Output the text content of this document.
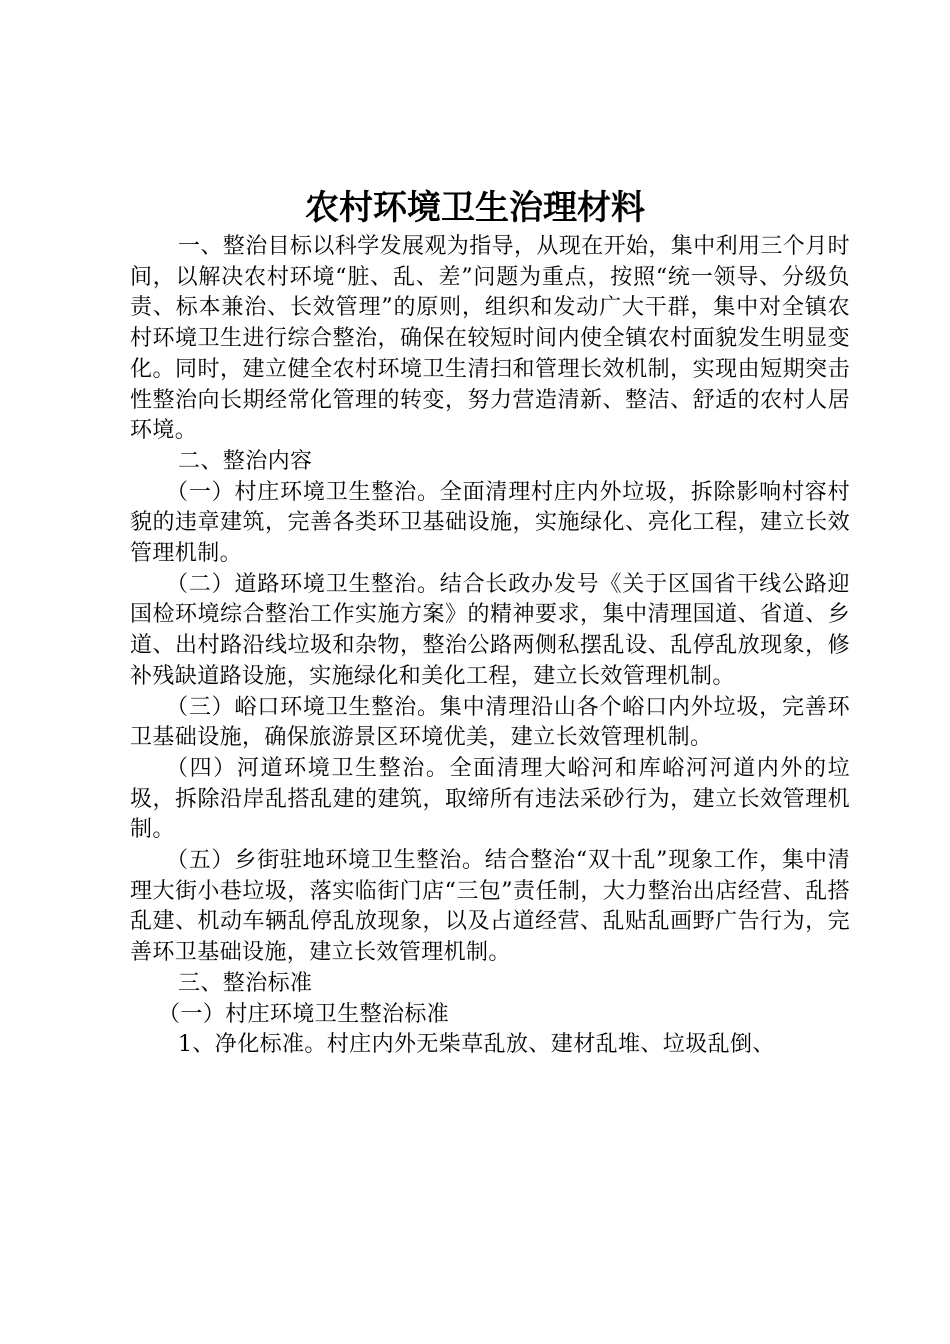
农村环境卫生治理材料

一、整治目标以科学发展观为指导，从现在开始，集中利用三个月时间，以解决农村环境“脏、乱、差”问题为重点，按照“统一领导、分级负责、标本兼治、长效管理”的原则，组织和发动广大干群，集中对全镇农村环境卫生进行综合整治，确保在较短时间内使全镇农村面貌发生明显变化。同时，建立健全农村环境卫生清扫和管理长效机制，实现由短期突击性整治向长期经常化管理的转变，努力营造清新、整洁、舒适的农村人居环境。

二、整治内容

（一）村庄环境卫生整治。全面清理村庄内外垃圾，拆除影响村容村貌的违章建筑，完善各类环卫基础设施，实施绿化、亮化工程，建立长效管理机制。

（二）道路环境卫生整治。结合长政办发号《关于区国省干线公路迎国检环境综合整治工作实施方案》的精神要求，集中清理国道、省道、乡道、出村路沿线垃圾和杂物，整治公路两侧私摆乱设、乱停乱放现象，修补残缺道路设施，实施绿化和美化工程，建立长效管理机制。

（三）峪口环境卫生整治。集中清理沿山各个峪口内外垃圾，完善环卫基础设施，确保旅游景区环境优美，建立长效管理机制。

（四）河道环境卫生整治。全面清理大峪河和库峪河河道内外的垃圾，拆除沿岸乱搭乱建的建筑，取缔所有违法采砂行为，建立长效管理机制。

（五）乡街驻地环境卫生整治。结合整治“双十乱”现象工作，集中清理大街小巷垃圾，落实临街门店“三包”责任制，大力整治出店经营、乱搭乱建、机动车辆乱停乱放现象，以及占道经营、乱贴乱画野广告行为，完善环卫基础设施，建立长效管理机制。

三、整治标准

（一）村庄环境卫生整治标准

1、净化标准。村庄内外无柴草乱放、建材乱堆、垃圾乱倒、
